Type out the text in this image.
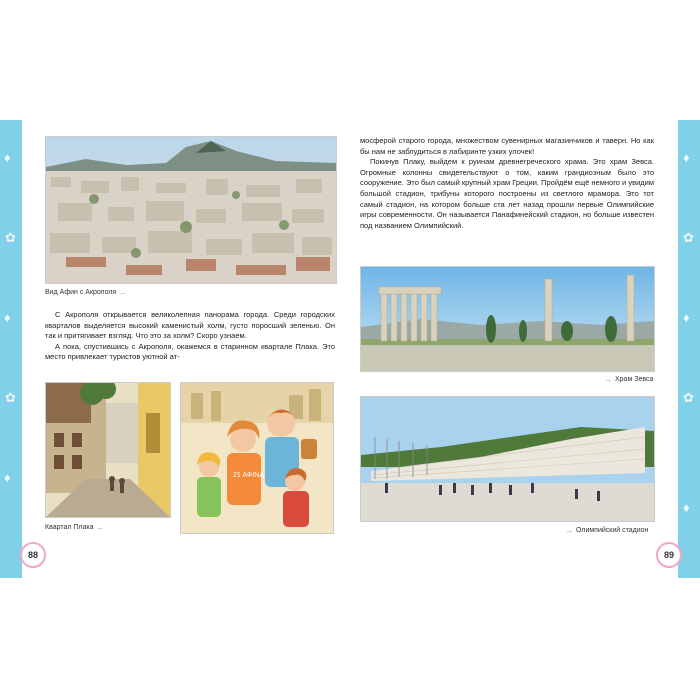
♦
✿
♦
✿
♦
♦
✿
♦
✿
♦
Вид Афин с Акрополя ←

С Акрополя открывается великолепная панорама города. Среди городских кварталов выделяется высокий каменистый холм, густо поросший зеленью. Он так и притягивает взгляд. Что это за холм? Скоро узнаем.

А пока, спустившись с Акрополя, окажемся в старинном квартале Плака. Это место привлекает туристов уютной ат-

Квартал Плака ←
21 AФINA
88

мосферой старого города, множеством сувенирных магазинчиков и таверн. Но как бы нам не заблудиться в лабиринте узких улочек!

Покинув Плаку, выйдем к руинам древнегреческого храма. Это храм Зевса. Огромные колонны свидетельствуют о том, каким грандиозным было это сооружение. Это был самый крупный храм Греции. Пройдём ещё немного и увидим большой стадион, трибуны которого построены из светлого мрамора. Это тот самый стадион, на котором больше ста лет назад прошли первые Олимпийские игры современности. Он называется Панафинейский стадион, но больше известен под названием Олимпийский.

→ Храм Зевса
→ Олимпийский стадион
89
